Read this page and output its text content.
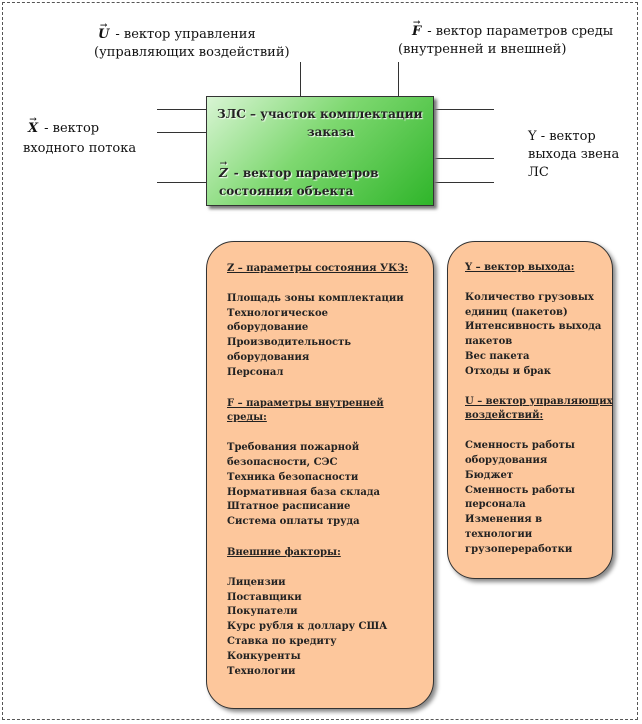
→ U - вектор управления
(управляющих воздействий)
→ F - вектор параметров среды
(внутренней и внешней)
→ X - вектор
входного потока
Y - вектор
выхода звена
ЛС
ЗЛС – участок комплектации
заказа
→ Z - вектор параметров
состояния объекта
Z – параметры состояния УКЗ:
Площадь зоны комплектации
Технологическое
оборудование
Производительность
оборудования
Персонал
F – параметры внутренней
среды:
Требования пожарной
безопасности, СЭС
Техника безопасности
Нормативная база склада
Штатное расписание
Система оплаты труда
Внешние факторы:
Лицензии
Поставщики
Покупатели
Курс рубля к доллару США
Ставка по кредиту
Конкуренты
Технологии
Y – вектор выхода:
Количество грузовых
единиц (пакетов)
Интенсивность выхода
пакетов
Вес пакета
Отходы и брак
U – вектор управляющих
воздействий:
Сменность работы
оборудования
Бюджет
Сменность работы
персонала
Изменения в
технологии
грузопереработки
